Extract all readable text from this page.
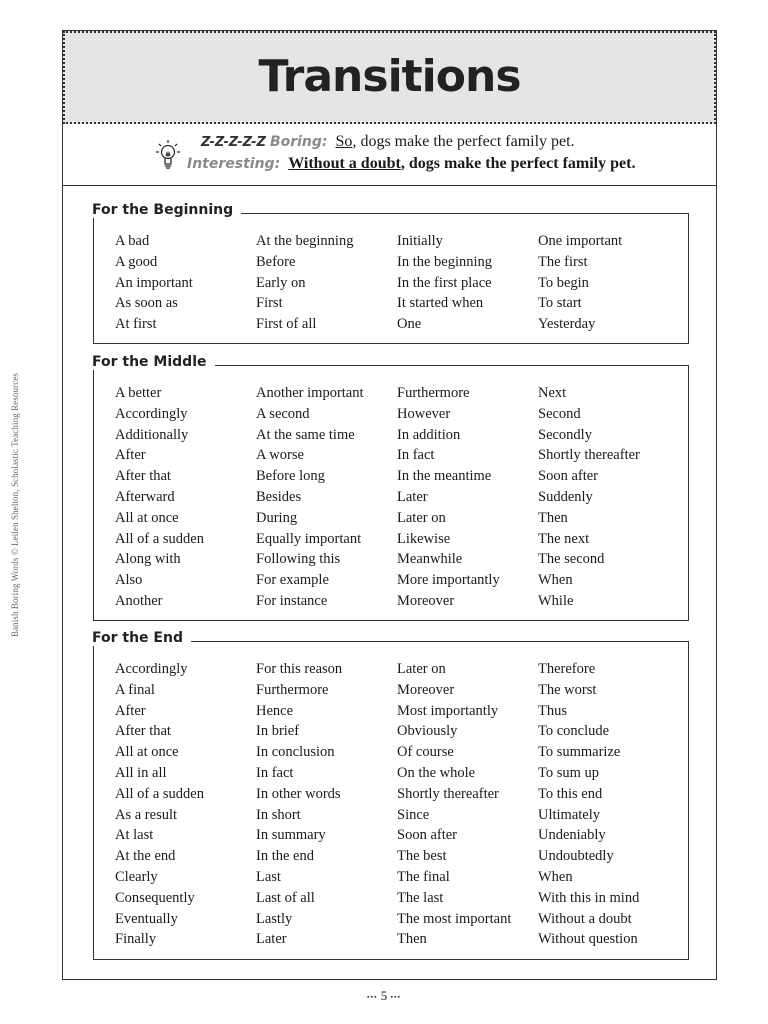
Banish Boring Words © Leilen Shelton, Scholastic Teaching Resources
Transitions
Z-Z-Z-Z-Z Boring: So, dogs make the perfect family pet.
Interesting: Without a doubt, dogs make the perfect family pet.
For the Beginning
A bad
A good
An important
As soon as
At first
At the beginning
Before
Early on
First
First of all
Initially
In the beginning
In the first place
It started when
One
One important
The first
To begin
To start
Yesterday
For the Middle
A better
Accordingly
Additionally
After
After that
Afterward
All at once
All of a sudden
Along with
Also
Another
Another important
A second
At the same time
A worse
Before long
Besides
During
Equally important
Following this
For example
For instance
Furthermore
However
In addition
In fact
In the meantime
Later
Later on
Likewise
Meanwhile
More importantly
Moreover
Next
Second
Secondly
Shortly thereafter
Soon after
Suddenly
Then
The next
The second
When
While
For the End
Accordingly
A final
After
After that
All at once
All in all
All of a sudden
As a result
At last
At the end
Clearly
Consequently
Eventually
Finally
For this reason
Furthermore
Hence
In brief
In conclusion
In fact
In other words
In short
In summary
In the end
Last
Last of all
Lastly
Later
Later on
Moreover
Most importantly
Obviously
Of course
On the whole
Shortly thereafter
Since
Soon after
The best
The final
The last
The most important
Then
Therefore
The worst
Thus
To conclude
To summarize
To sum up
To this end
Ultimately
Undeniably
Undoubtedly
When
With this in mind
Without a doubt
Without question
▪▪▪ 5 ▪▪▪
